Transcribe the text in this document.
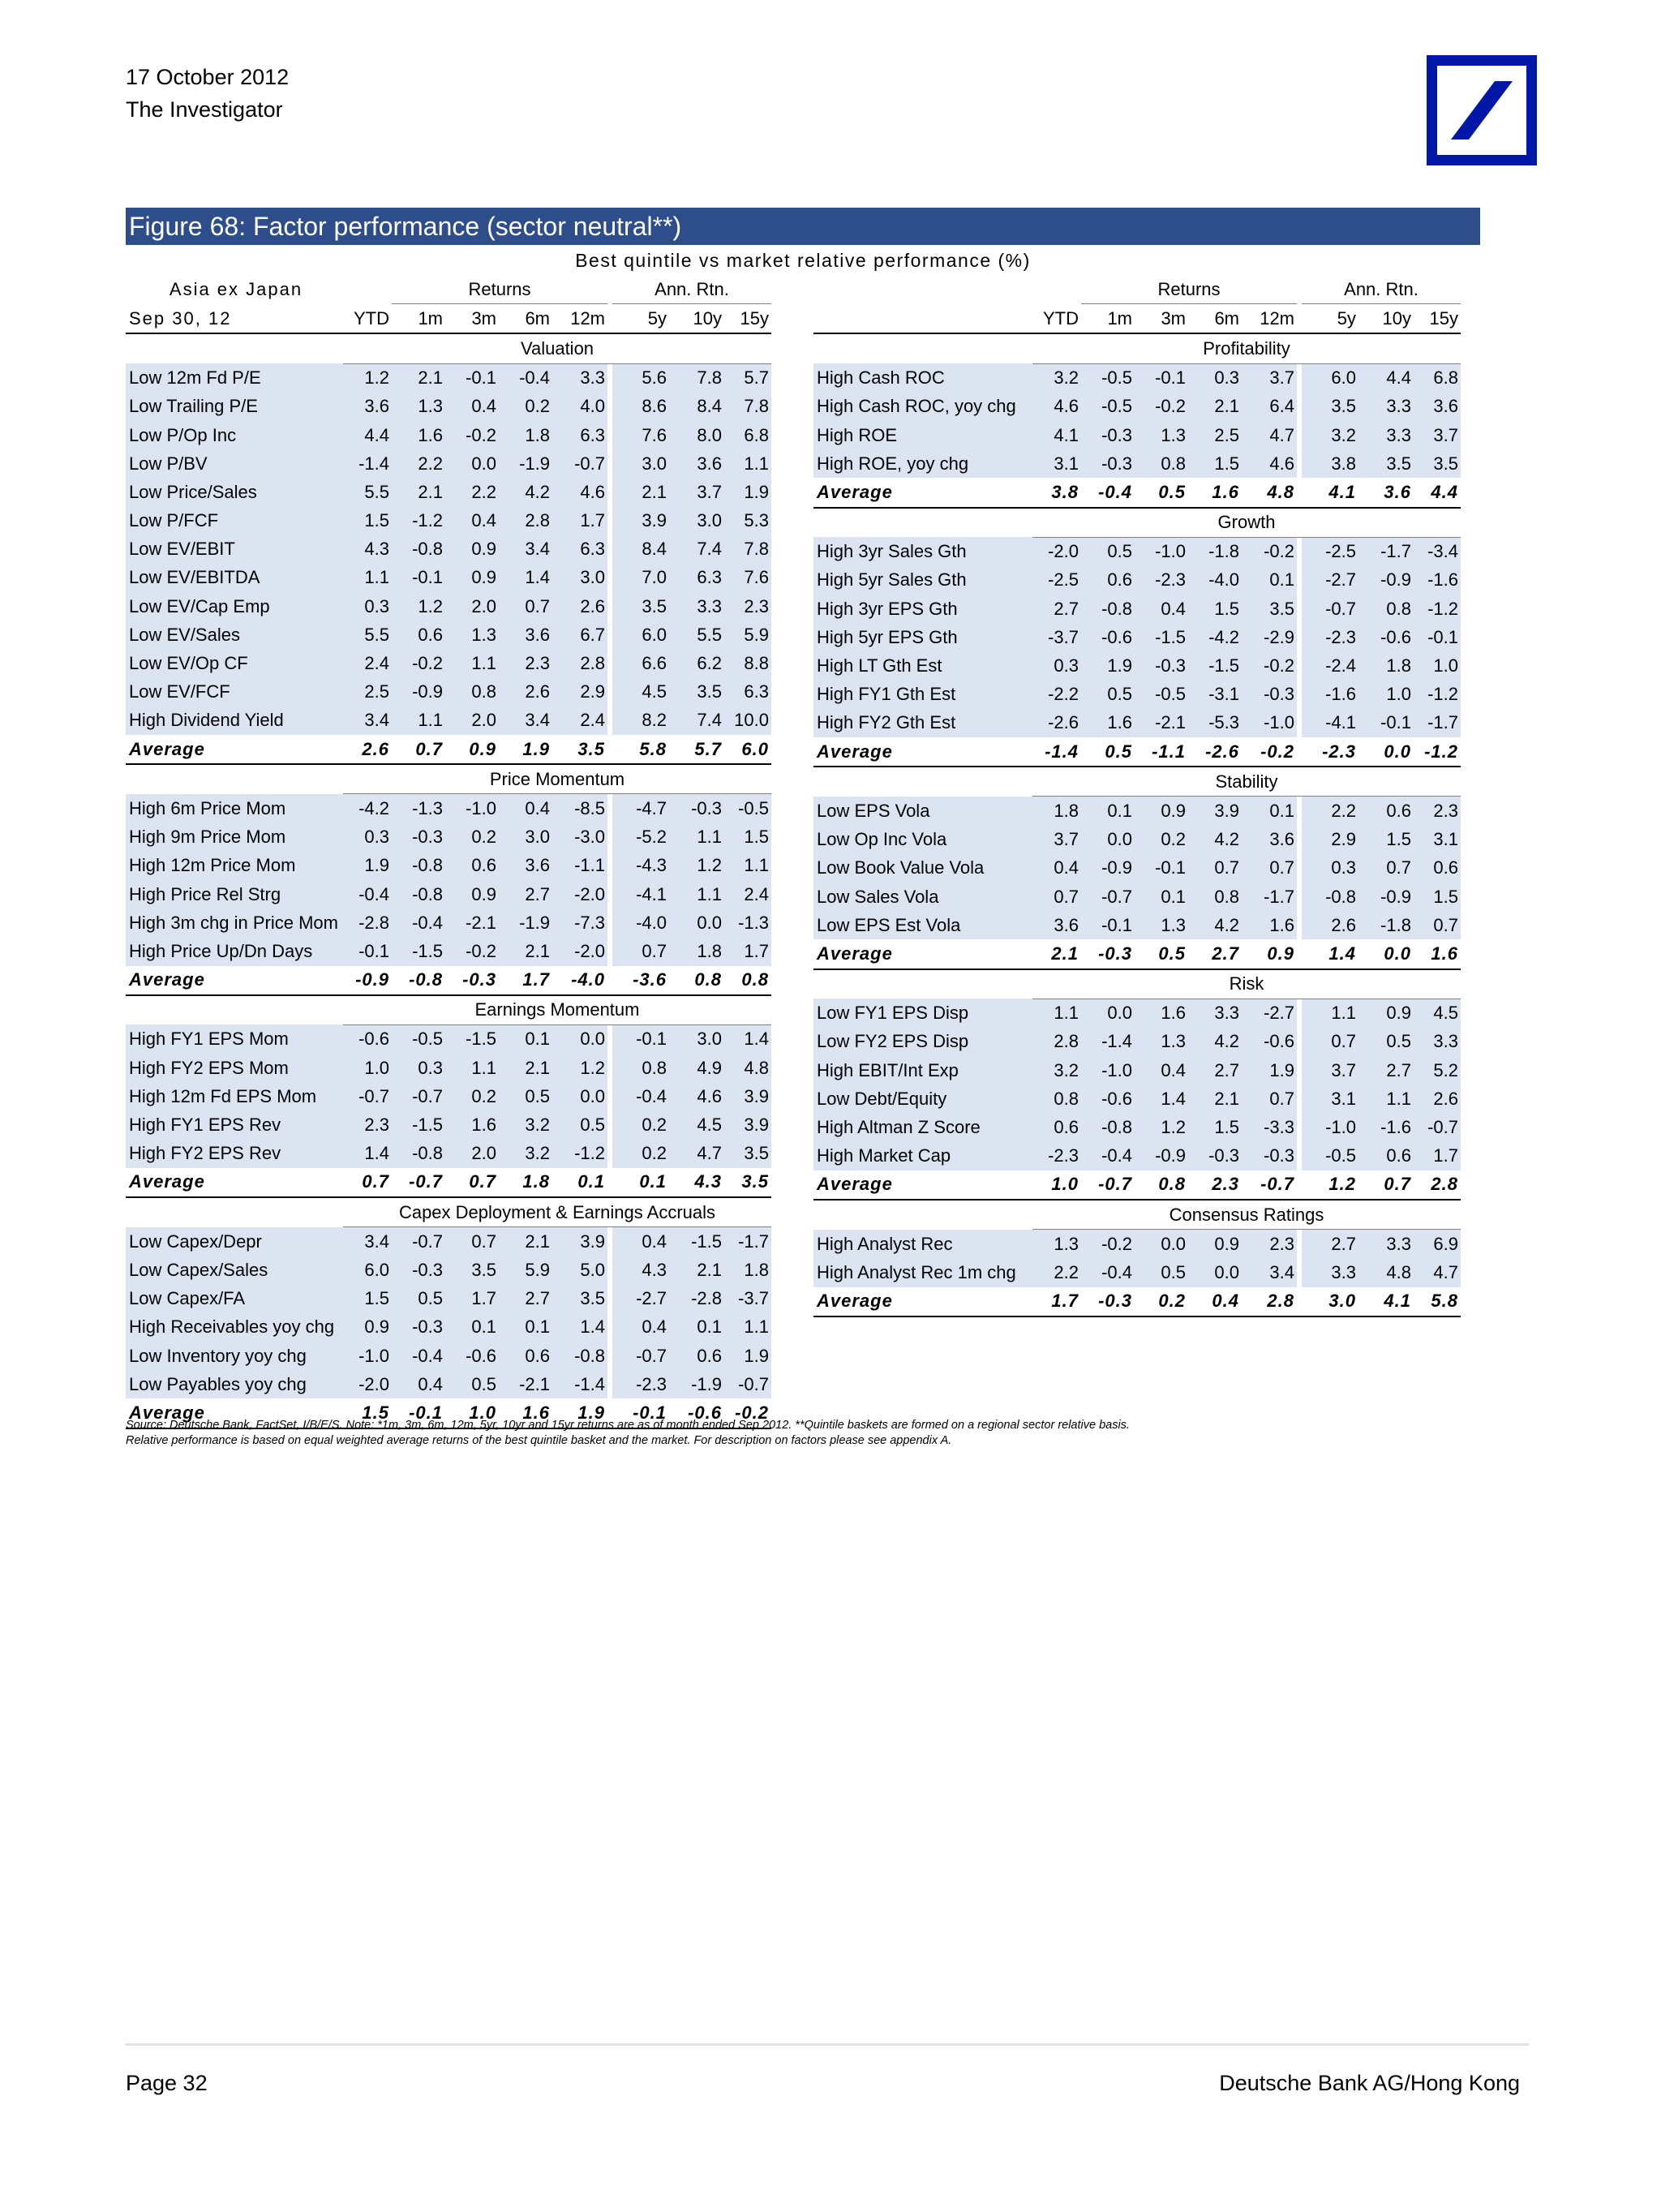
17 October 2012
The Investigator
Figure 68: Factor performance (sector neutral**)
Best quintile vs market relative performance (%)
Asia ex Japan		Returns					Ann. Rtn.		
Sep 30, 12	YTD	1m	3m	6m	12m		5y	10y	15y
	Valuation								
Low 12m Fd P/E	1.2	2.1	-0.1	-0.4	3.3		5.6	7.8	5.7
Low Trailing P/E	3.6	1.3	0.4	0.2	4.0		8.6	8.4	7.8
Low P/Op Inc	4.4	1.6	-0.2	1.8	6.3		7.6	8.0	6.8
Low P/BV	-1.4	2.2	0.0	-1.9	-0.7		3.0	3.6	1.1
Low Price/Sales	5.5	2.1	2.2	4.2	4.6		2.1	3.7	1.9
Low P/FCF	1.5	-1.2	0.4	2.8	1.7		3.9	3.0	5.3
Low EV/EBIT	4.3	-0.8	0.9	3.4	6.3		8.4	7.4	7.8
Low EV/EBITDA	1.1	-0.1	0.9	1.4	3.0		7.0	6.3	7.6
Low EV/Cap Emp	0.3	1.2	2.0	0.7	2.6		3.5	3.3	2.3
Low EV/Sales	5.5	0.6	1.3	3.6	6.7		6.0	5.5	5.9
Low EV/Op CF	2.4	-0.2	1.1	2.3	2.8		6.6	6.2	8.8
Low EV/FCF	2.5	-0.9	0.8	2.6	2.9		4.5	3.5	6.3
High Dividend Yield	3.4	1.1	2.0	3.4	2.4		8.2	7.4	10.0
Average	2.6	0.7	0.9	1.9	3.5		5.8	5.7	6.0
	Price Momentum								
High 6m Price Mom	-4.2	-1.3	-1.0	0.4	-8.5		-4.7	-0.3	-0.5
High 9m Price Mom	0.3	-0.3	0.2	3.0	-3.0		-5.2	1.1	1.5
High 12m Price Mom	1.9	-0.8	0.6	3.6	-1.1		-4.3	1.2	1.1
High Price Rel Strg	-0.4	-0.8	0.9	2.7	-2.0		-4.1	1.1	2.4
High 3m chg in Price Mom	-2.8	-0.4	-2.1	-1.9	-7.3		-4.0	0.0	-1.3
High Price Up/Dn Days	-0.1	-1.5	-0.2	2.1	-2.0		0.7	1.8	1.7
Average	-0.9	-0.8	-0.3	1.7	-4.0		-3.6	0.8	0.8
	Earnings Momentum								
High FY1 EPS Mom	-0.6	-0.5	-1.5	0.1	0.0		-0.1	3.0	1.4
High FY2 EPS Mom	1.0	0.3	1.1	2.1	1.2		0.8	4.9	4.8
High 12m Fd EPS Mom	-0.7	-0.7	0.2	0.5	0.0		-0.4	4.6	3.9
High FY1 EPS Rev	2.3	-1.5	1.6	3.2	0.5		0.2	4.5	3.9
High FY2 EPS Rev	1.4	-0.8	2.0	3.2	-1.2		0.2	4.7	3.5
Average	0.7	-0.7	0.7	1.8	0.1		0.1	4.3	3.5
	Capex Deployment & Earnings Accruals								
Low Capex/Depr	3.4	-0.7	0.7	2.1	3.9		0.4	-1.5	-1.7
Low Capex/Sales	6.0	-0.3	3.5	5.9	5.0		4.3	2.1	1.8
Low Capex/FA	1.5	0.5	1.7	2.7	3.5		-2.7	-2.8	-3.7
High Receivables yoy chg	0.9	-0.3	0.1	0.1	1.4		0.4	0.1	1.1
Low Inventory yoy chg	-1.0	-0.4	-0.6	0.6	-0.8		-0.7	0.6	1.9
Low Payables yoy chg	-2.0	0.4	0.5	-2.1	-1.4		-2.3	-1.9	-0.7
Average	1.5	-0.1	1.0	1.6	1.9		-0.1	-0.6	-0.2
		Returns					Ann. Rtn.		
	YTD	1m	3m	6m	12m		5y	10y	15y
	Profitability								
High Cash ROC	3.2	-0.5	-0.1	0.3	3.7		6.0	4.4	6.8
High Cash ROC, yoy chg	4.6	-0.5	-0.2	2.1	6.4		3.5	3.3	3.6
High ROE	4.1	-0.3	1.3	2.5	4.7		3.2	3.3	3.7
High ROE, yoy chg	3.1	-0.3	0.8	1.5	4.6		3.8	3.5	3.5
Average	3.8	-0.4	0.5	1.6	4.8		4.1	3.6	4.4
	Growth								
High 3yr Sales Gth	-2.0	0.5	-1.0	-1.8	-0.2		-2.5	-1.7	-3.4
High 5yr Sales Gth	-2.5	0.6	-2.3	-4.0	0.1		-2.7	-0.9	-1.6
High 3yr EPS Gth	2.7	-0.8	0.4	1.5	3.5		-0.7	0.8	-1.2
High 5yr EPS Gth	-3.7	-0.6	-1.5	-4.2	-2.9		-2.3	-0.6	-0.1
High LT Gth Est	0.3	1.9	-0.3	-1.5	-0.2		-2.4	1.8	1.0
High FY1 Gth Est	-2.2	0.5	-0.5	-3.1	-0.3		-1.6	1.0	-1.2
High FY2 Gth Est	-2.6	1.6	-2.1	-5.3	-1.0		-4.1	-0.1	-1.7
Average	-1.4	0.5	-1.1	-2.6	-0.2		-2.3	0.0	-1.2
	Stability								
Low EPS Vola	1.8	0.1	0.9	3.9	0.1		2.2	0.6	2.3
Low Op Inc Vola	3.7	0.0	0.2	4.2	3.6		2.9	1.5	3.1
Low Book Value Vola	0.4	-0.9	-0.1	0.7	0.7		0.3	0.7	0.6
Low Sales Vola	0.7	-0.7	0.1	0.8	-1.7		-0.8	-0.9	1.5
Low EPS Est Vola	3.6	-0.1	1.3	4.2	1.6		2.6	-1.8	0.7
Average	2.1	-0.3	0.5	2.7	0.9		1.4	0.0	1.6
	Risk								
Low FY1 EPS Disp	1.1	0.0	1.6	3.3	-2.7		1.1	0.9	4.5
Low FY2 EPS Disp	2.8	-1.4	1.3	4.2	-0.6		0.7	0.5	3.3
High EBIT/Int Exp	3.2	-1.0	0.4	2.7	1.9		3.7	2.7	5.2
Low Debt/Equity	0.8	-0.6	1.4	2.1	0.7		3.1	1.1	2.6
High Altman Z Score	0.6	-0.8	1.2	1.5	-3.3		-1.0	-1.6	-0.7
High Market Cap	-2.3	-0.4	-0.9	-0.3	-0.3		-0.5	0.6	1.7
Average	1.0	-0.7	0.8	2.3	-0.7		1.2	0.7	2.8
	Consensus Ratings								
High Analyst Rec	1.3	-0.2	0.0	0.9	2.3		2.7	3.3	6.9
High Analyst Rec 1m chg	2.2	-0.4	0.5	0.0	3.4		3.3	4.8	4.7
Average	1.7	-0.3	0.2	0.4	2.8		3.0	4.1	5.8
Source: Deutsche Bank, FactSet, I/B/E/S. Note: *1m, 3m, 6m, 12m, 5yr, 10yr and 15yr returns are as of month ended Sep 2012. **Quintile baskets are formed on a regional sector relative basis.
Relative performance is based on equal weighted average returns of the best quintile basket and the market. For description on factors please see appendix A.
Page 32	Deutsche Bank AG/Hong Kong
